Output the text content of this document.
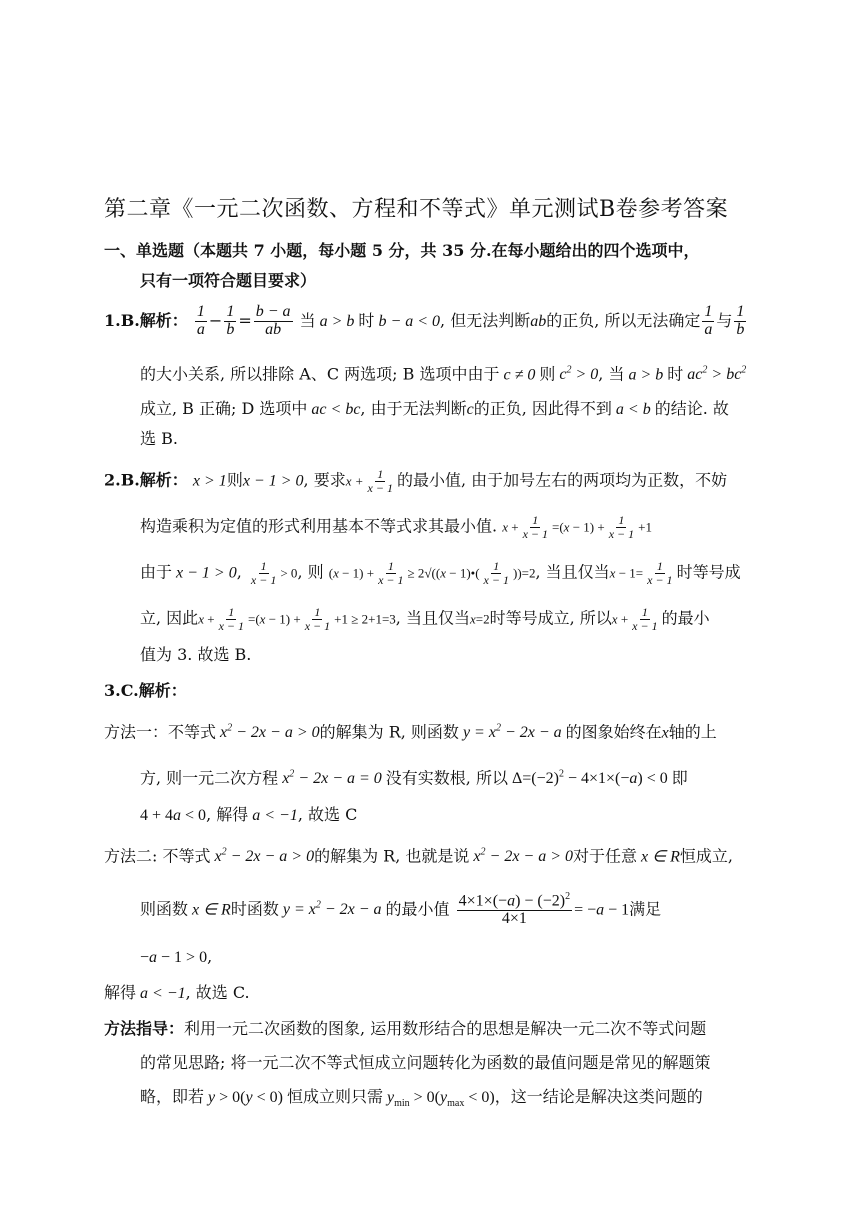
第二章《一元二次函数、方程和不等式》单元测试B卷参考答案
一、单选题（本题共 7 小题，每小题 5 分，共 35 分.在每小题给出的四个选项中，
只有一项符合题目要求）
1.B.解析： $\frac{1}{a} - \frac{1}{b} = \frac{b - a}{ab}$ 当 a > b 时 b − a < 0, 但无法判断ab的正负, 所以无法确定 $\frac{1}{a}$ 与 $\frac{1}{b}$
的大小关系, 所以排除 A、C 两选项; B 选项中由于 c ≠ 0 则 $c^2 > 0$, 当 a > b 时 $ac^2 > bc^2$
成立, B 正确; D 选项中 ac < bc, 由于无法判断c的正负, 因此得不到 a < b 的结论. 故
选 B.
2.B.解析： x > 1则x − 1 > 0, 要求$x + \frac{1}{x - 1}$ 的最小值, 由于加号左右的两项均为正数，不妨
构造乘积为定值的形式利用基本不等式求其最小值. $x + \frac{1}{x - 1} =(x - 1) + \frac{1}{x - 1} +1$
由于 x − 1 > 0, $\frac{1}{x - 1} > 0$, 则 $(x - 1) + \frac{1}{x - 1} \ge 2√((x$ − 1)•( $\frac{1}{x - 1} ))=2$, 当且仅当$x - 1= \frac{1}{x - 1}$ 时等号成
立, 因此$x + \frac{1}{x - 1} =(x - 1) + \frac{1}{x - 1} +1 \ge 2+1=3$, 当且仅当x=2时等号成立, 所以$x + \frac{1}{x - 1}$ 的最小
值为 3. 故选 B.
3.C.解析：
方法一：不等式 $x^2 - 2x - a > 0$的解集为 R, 则函数 $y = x^2 - 2x - a$ 的图象始终在x轴的上
方, 则一元二次方程 $x^2 - 2x - a = 0$ 没有实数根, 所以 $\Delta=(-2)^2 - 4\times 1\times(-a) < 0$ 即
4 + 4a < 0, 解得 a < −1, 故选 C
方法二: 不等式 $x^2 - 2x - a > 0$的解集为 R, 也就是说 $x^2 - 2x - a > 0$对于任意 x ∈ R恒成立,
则函数 x ∈ R时函数 $y = x^2 - 2x - a$ 的最小值 $\frac{4\times 1\times(-a) - (-2)^2}{4\times 1} = -a - 1$满足
−a − 1 > 0,
解得 a < −1, 故选 C.
方法指导：利用一元二次函数的图象, 运用数形结合的思想是解决一元二次不等式问题
的常见思路; 将一元二次不等式恒成立问题转化为函数的最值问题是常见的解题策
略，即若 y > 0(y < 0) 恒成立则只需 $y_{min} > 0(y_{max} < 0)$，这一结论是解决这类问题的
